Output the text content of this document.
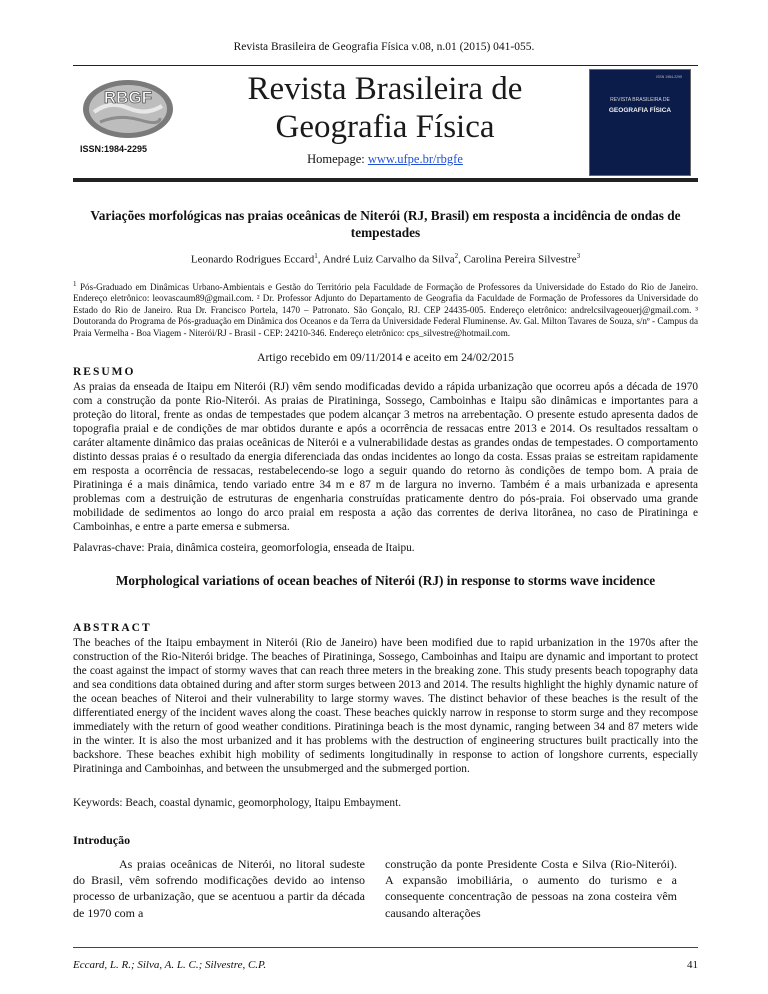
Revista Brasileira de Geografia Física v.08, n.01 (2015) 041-055.
RBGF
ISSN:1984-2295
Revista Brasileira de Geografia Física
Homepage: www.ufpe.br/rbgfe
ISSN 1984-2295
REVISTA BRASILEIRA DE
GEOGRAFIA FÍSICA
Variações morfológicas nas praias oceânicas de Niterói (RJ, Brasil) em resposta a incidência de ondas de tempestades
Leonardo Rodrigues Eccard$^1$, André Luiz Carvalho da Silva$^2$, Carolina Pereira Silvestre$^3$
$^1$ Pós-Graduado em Dinâmicas Urbano-Ambientais e Gestão do Território pela Faculdade de Formação de Professores da Universidade do Estado do Rio de Janeiro. Endereço eletrônico: leovascaum89@gmail.com. ² Dr. Professor Adjunto do Departamento de Geografia da Faculdade de Formação de Professores da Universidade do Estado do Rio de Janeiro. Rua Dr. Francisco Portela, 1470 – Patronato. São Gonçalo, RJ. CEP 24435-005. Endereço eletrônico: andrelcsilvageouerj@gmail.com. ³ Doutoranda do Programa de Pós-graduação em Dinâmica dos Oceanos e da Terra da Universidade Federal Fluminense. Av. Gal. Milton Tavares de Souza, s/nº - Campus da Praia Vermelha - Boa Viagem - Niterói/RJ - Brasil - CEP: 24210-346. Endereço eletrônico: cps_silvestre@hotmail.com.
Artigo recebido em 09/11/2014 e aceito em 24/02/2015
RESUMO
As praias da enseada de Itaipu em Niterói (RJ) vêm sendo modificadas devido a rápida urbanização que ocorreu após a década de 1970 com a construção da ponte Rio-Niterói. As praias de Piratininga, Sossego, Camboinhas e Itaipu são dinâmicas e importantes para a proteção do litoral, frente as ondas de tempestades que podem alcançar 3 metros na arrebentação. O presente estudo apresenta dados de topografia praial e de condições de mar obtidos durante e após a ocorrência de ressacas entre 2013 e 2014. Os resultados ressaltam o caráter altamente dinâmico das praias oceânicas de Niterói e a vulnerabilidade destas as grandes ondas de tempestades. O comportamento distinto dessas praias é o resultado da energia diferenciada das ondas incidentes ao longo da costa. Essas praias se estreitam rapidamente em resposta a ocorrência de ressacas, restabelecendo-se logo a seguir quando do retorno às condições de tempo bom. A praia de Piratininga é a mais dinâmica, tendo variado entre 34 m e 87 m de largura no inverno. Também é a mais urbanizada e apresenta problemas com a destruição de estruturas de engenharia construídas praticamente dentro do pós-praia. Foi observado uma grande mobilidade de sedimentos ao longo do arco praial em resposta a ação das correntes de deriva litorânea, no caso de Piratininga e Camboinhas, e entre a parte emersa e submersa.
Palavras-chave: Praia, dinâmica costeira, geomorfologia, enseada de Itaipu.
Morphological variations of ocean beaches of Niterói (RJ) in response to storms wave incidence
ABSTRACT
The beaches of the Itaipu embayment in Niterói (Rio de Janeiro) have been modified due to rapid urbanization in the 1970s after the construction of the Rio-Niterói bridge. The beaches of Piratininga, Sossego, Camboinhas and Itaipu are dynamic and important to protect the coast against the impact of stormy waves that can reach three meters in the breaking zone. This study presents beach topography data and sea conditions data obtained during and after storm surges between 2013 and 2014. The results highlight the highly dynamic nature of the ocean beaches of Niteroi and their vulnerability to large stormy waves. The distinct behavior of these beaches is the result of the differentiated energy of the incident waves along the coast. These beaches quickly narrow in response to storm surge and they recompose immediately with the return of good weather conditions. Piratininga beach is the most dynamic, ranging between 34 and 87 meters wide in the winter. It is also the most urbanized and it has problems with the destruction of engineering structures built practically into the backshore. These beaches exhibit high mobility of sediments longitudinally in response to action of longshore currents, especially Piratininga and Camboinhas, and between the unsubmerged and the submerged portion.
Keywords: Beach, coastal dynamic, geomorphology, Itaipu Embayment.
Introdução
As praias oceânicas de Niterói, no litoral sudeste do Brasil, vêm sofrendo modificações devido ao intenso processo de urbanização, que se acentuou a partir da década de 1970 com a
construção da ponte Presidente Costa e Silva (Rio-Niterói). A expansão imobiliária, o aumento do turismo e a consequente concentração de pessoas na zona costeira vêm causando alterações
Eccard, L. R.; Silva, A. L. C.; Silvestre, C.P.	41
